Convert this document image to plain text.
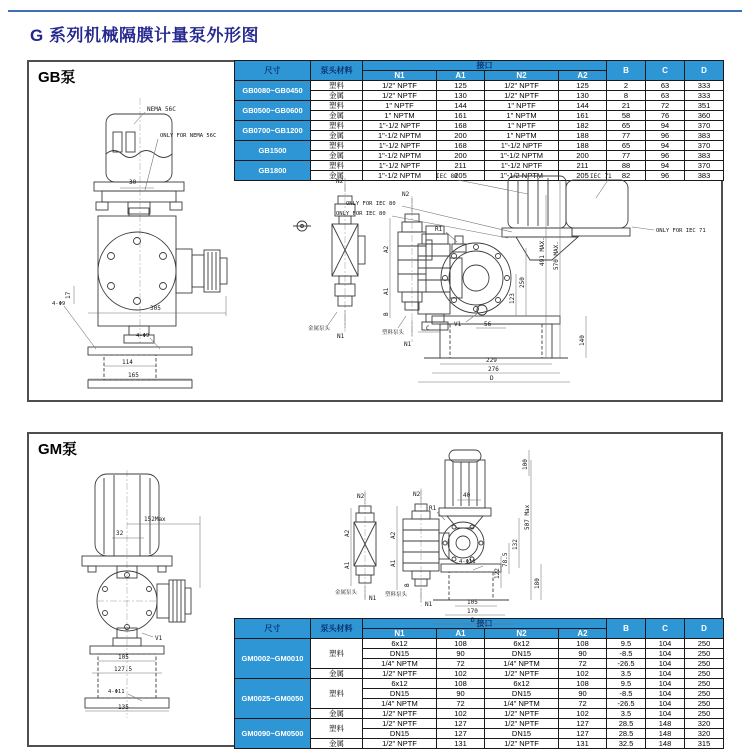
G 系列机械隔膜计量泵外形图
GB泵	尺寸	泵头材料	接口				B	C	D
		N1	A1	N2	A2			
GB0080~GB0450	塑料	1/2" NPTF	125	1/2" NPTF	125	2	63	333
	金属	1/2" NPTF	130	1/2" NPTF	130	8	63	333
GB0500~GB0600	塑料	1" NPTF	144	1" NPTF	144	21	72	351
	金属	1" NPTM	161	1" NPTM	161	58	76	360
GB0700~GB1200	塑料	1"-1/2 NPTF	168	1" NPTF	182	65	94	370
	金属	1"-1/2 NPTM	200	1" NPTM	188	77	96	383
GB1500	塑料	1"-1/2 NPTF	168	1"-1/2 NPTF	188	65	94	370
	金属	1"-1/2 NPTM	200	1"-1/2 NPTM	200	77	96	383
GB1800	塑料	1"-1/2 NPTF	211	1"-1/2 NPTF	211	88	94	370
	金属	1"-1/2 NPTM	205	1"-1/2 NPTM	205	82	96	383
NEMA 56C
ONLY FOR NEMA 56C
30
17
4-Φ9
305
4-Φ9
114
165
N2
N1
金属泵头
N2
A2
A1
B
塑料泵头
N1
IEC 80	IEC 71
ONLY FOR IEC 80
ONLY FOR IEC 80
ONLY FOR IEC 71
R1
491 MAX. 570 MAX.
250
123
140
V1	56
C
229
276
D
GM泵
尺寸	泵头材料	接口				B	C	D
		N1	A1	N2	A2			
GM0002~GM0010	塑料	6x12	108	6x12	108	9.5	104	250
		DN15	90	DN15	90	-8.5	104	250
		1/4" NPTM	72	1/4" NPTM	72	-26.5	104	250
	金属	1/2" NPTF	102	1/2" NPTF	102	3.5	104	250
GM0025~GM0050	塑料	6x12	108	6x12	108	9.5	104	250
		DN15	90	DN15	90	-8.5	104	250
		1/4" NPTM	72	1/4" NPTM	72	-26.5	104	250
	金属	1/2" NPTF	102	1/2" NPTF	102	3.5	104	250
GM0090~GM0500	塑料	1/2" NPTF	127	1/2" NPTF	127	28.5	148	320
		DN15	127	DN15	127	28.5	148	320
	金属	1/2" NPTF	131	1/2" NPTF	131	32.5	148	315
152Max
32
V1
105
127.5
4-Φ11
135
N2
A2
A1
金属泵头
N1
N2
A2
A1
B
塑料泵头
N1
R1
40
100
507 Max
132
78.5
122
180
4-Φ11
105
170
D
